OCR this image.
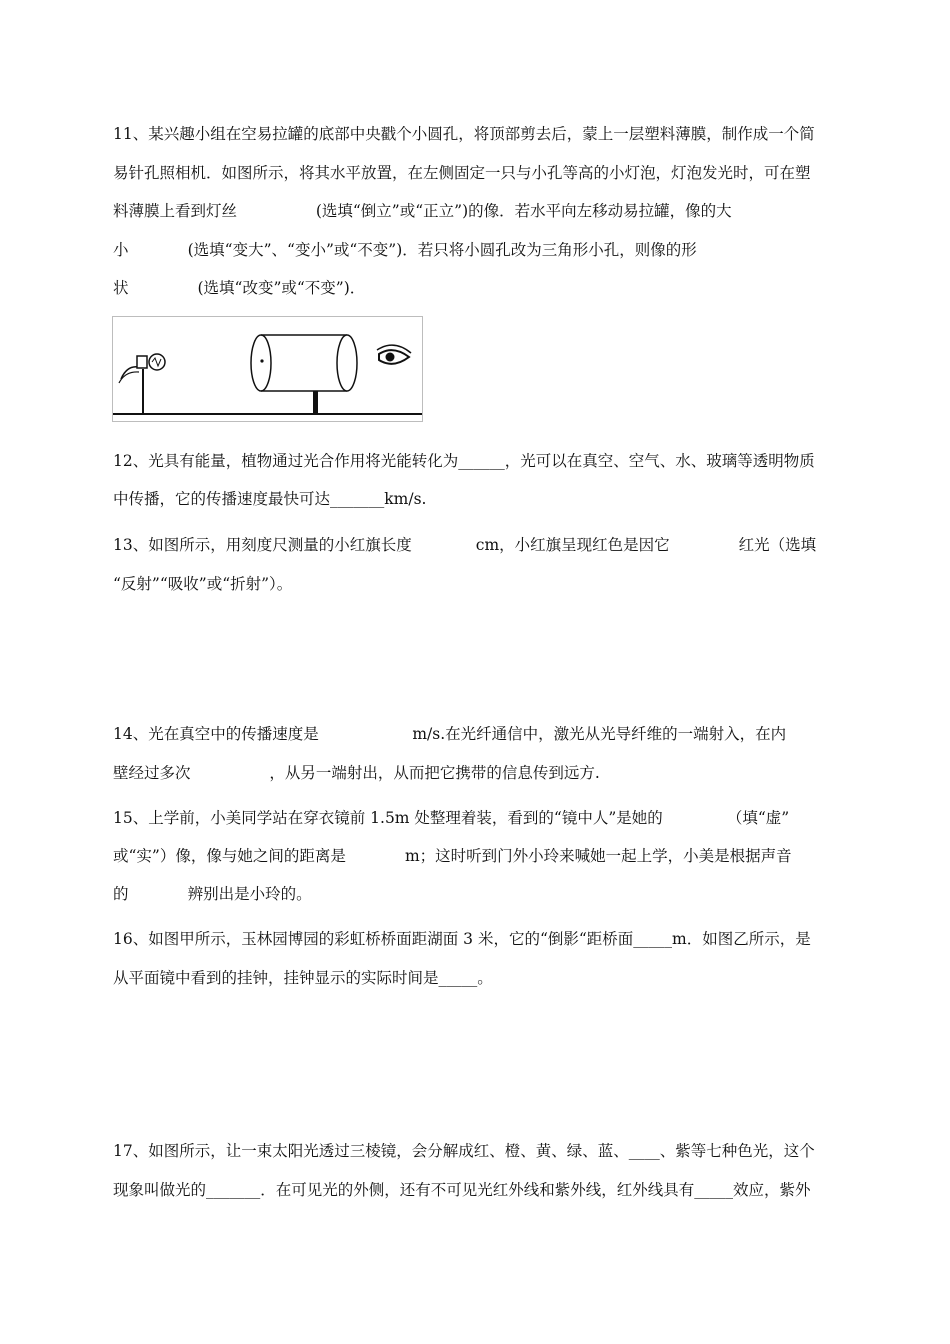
11、某兴趣小组在空易拉罐的底部中央戳个小圆孔，将顶部剪去后，蒙上一层塑料薄膜，制作成一个简
易针孔照相机．如图所示，将其水平放置，在左侧固定一只与小孔等高的小灯泡，灯泡发光时，可在塑
料薄膜上看到灯丝                (选填“倒立”或“正立”)的像．若水平向左移动易拉罐，像的大
小            (选填“变大”、“变小”或“不变”)．若只将小圆孔改为三角形小孔，则像的形
状              (选填“改变”或“不变”)．
12、光具有能量，植物通过光合作用将光能转化为______，光可以在真空、空气、水、玻璃等透明物质
中传播，它的传播速度最快可达_______km/s.
13、如图所示，用刻度尺测量的小红旗长度             cm，小红旗呈现红色是因它              红光（选填
“反射”“吸收”或“折射”）。
14、光在真空中的传播速度是                   m/s.在光纤通信中，激光从光导纤维的一端射入，在内
壁经过多次                ，从另一端射出，从而把它携带的信息传到远方.
15、上学前，小美同学站在穿衣镜前 1.5m 处整理着装，看到的“镜中人”是她的             （填“虚”
或“实”）像，像与她之间的距离是            m；这时听到门外小玲来喊她一起上学，小美是根据声音
的            辨别出是小玲的。
16、如图甲所示，玉林园博园的彩虹桥桥面距湖面 3 米，它的“倒影“距桥面_____m．如图乙所示，是
从平面镜中看到的挂钟，挂钟显示的实际时间是_____。
17、如图所示，让一束太阳光透过三棱镜，会分解成红、橙、黄、绿、蓝、____、紫等七种色光，这个
现象叫做光的_______．在可见光的外侧，还有不可见光红外线和紫外线，红外线具有_____效应，紫外
